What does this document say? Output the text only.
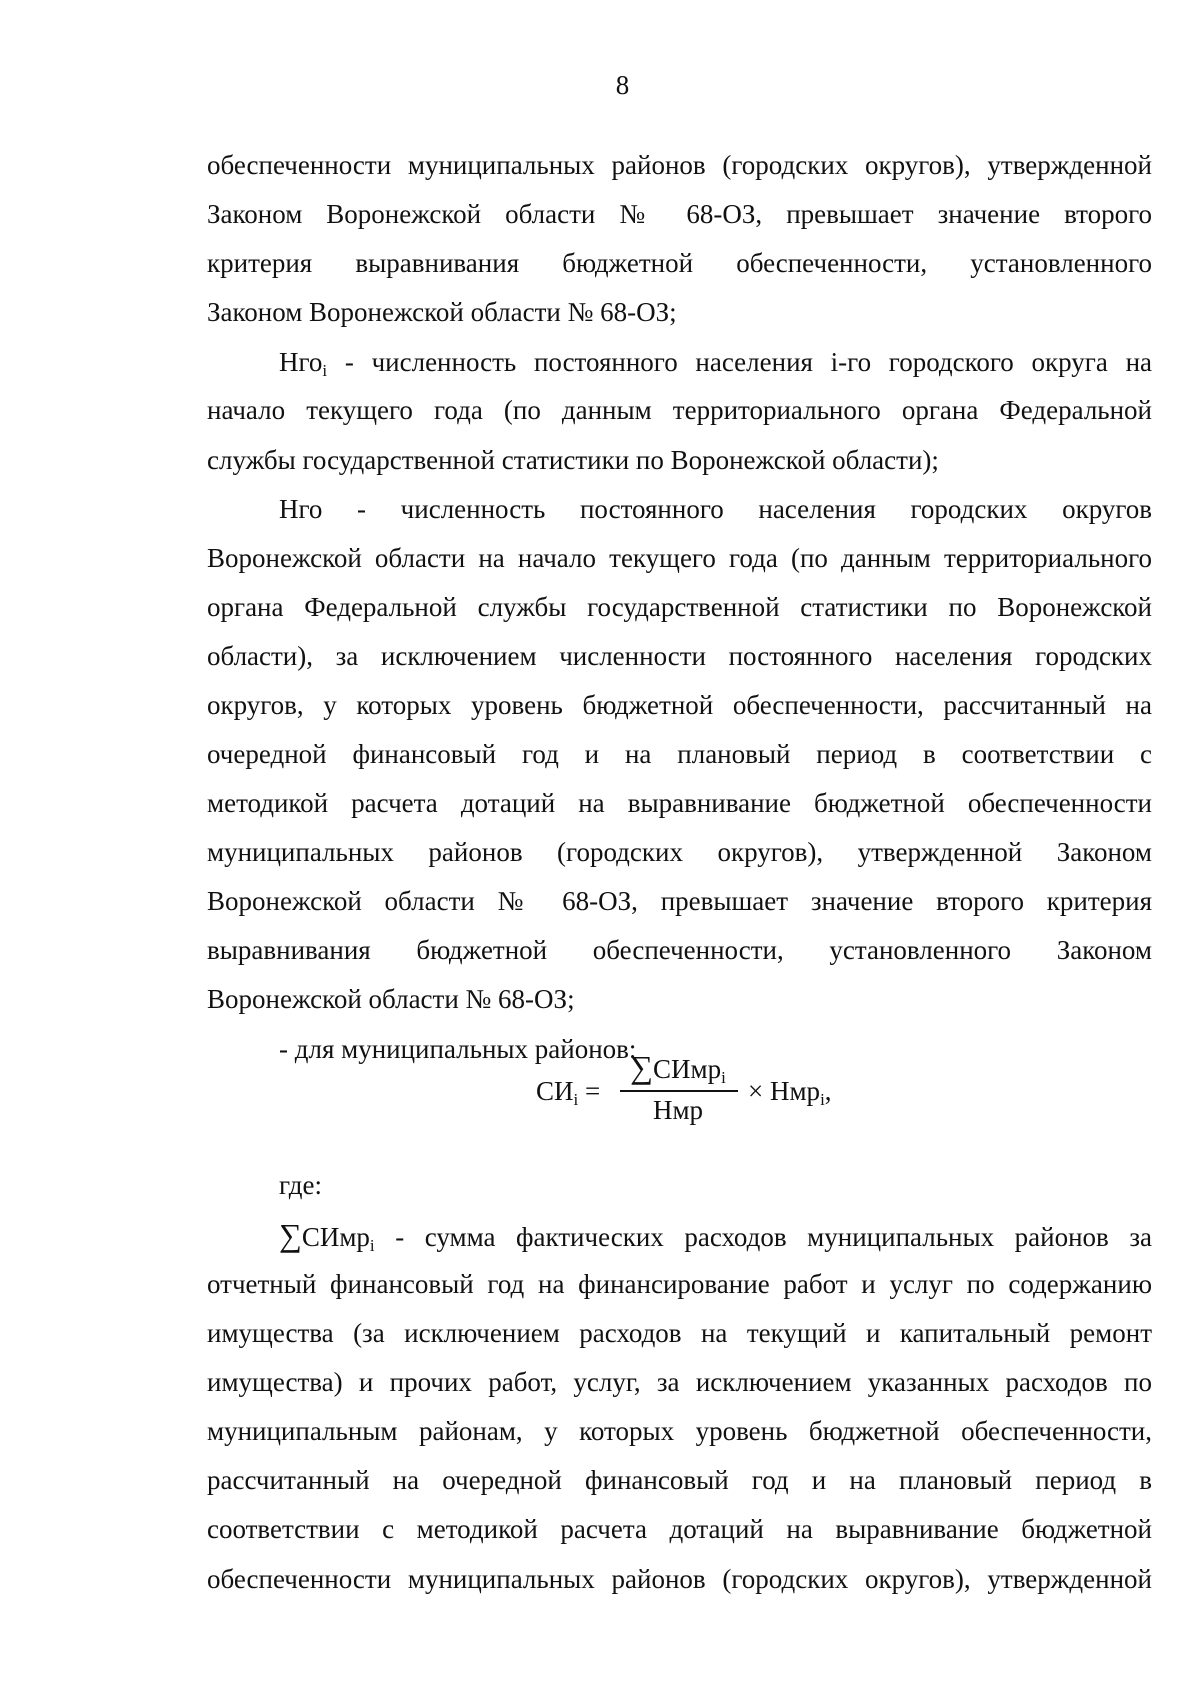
8
обеспеченности муниципальных районов (городских округов), утвержденной
Законом Воронежской области № 68-ОЗ, превышает значение второго
критерия выравнивания бюджетной обеспеченности, установленного
Законом Воронежской области № 68-ОЗ;
Нго$_i$ - численность постоянного населения i-го городского округа на
начало текущего года (по данным территориального органа Федеральной
службы государственной статистики по Воронежской области);
Нго - численность постоянного населения городских округов
Воронежской области на начало текущего года (по данным территориального
органа Федеральной службы государственной статистики по Воронежской
области), за исключением численности постоянного населения городских
округов, у которых уровень бюджетной обеспеченности, рассчитанный на
очередной финансовый год и на плановый период в соответствии с
методикой расчета дотаций на выравнивание бюджетной обеспеченности
муниципальных районов (городских округов), утвержденной Законом
Воронежской области № 68-ОЗ, превышает значение второго критерия
выравнивания бюджетной обеспеченности, установленного Законом
Воронежской области № 68-ОЗ;
- для муниципальных районов:
где:
∑СИмр$_i$ - сумма фактических расходов муниципальных районов за
отчетный финансовый год на финансирование работ и услуг по содержанию
имущества (за исключением расходов на текущий и капитальный ремонт
имущества) и прочих работ, услуг, за исключением указанных расходов по
муниципальным районам, у которых уровень бюджетной обеспеченности,
рассчитанный на очередной финансовый год и на плановый период в
соответствии с методикой расчета дотаций на выравнивание бюджетной
обеспеченности муниципальных районов (городских округов), утвержденной
$СИ_i$ =
∑СИмр$_i$
Нмр
× Нмр$_i$,
